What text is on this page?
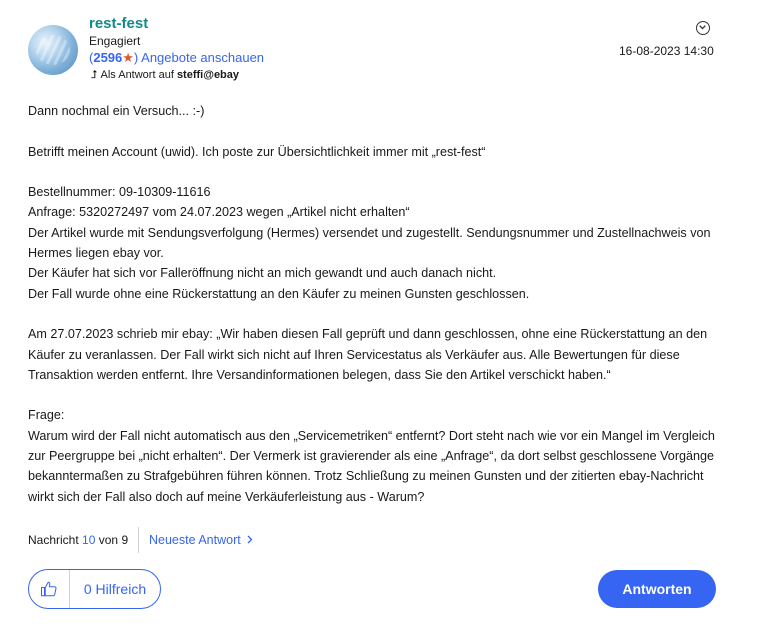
rest-fest
Engagiert
(2596★) Angebote anschauen
⮥ Als Antwort auf steffi@ebay
16-08-2023 14:30

Dann nochmal ein Versuch... :-)

Betrifft meinen Account (uwid). Ich poste zur Übersichtlichkeit immer mit „rest-fest“

Bestellnummer: 09-10309-11616

Anfrage: 5320272497 vom 24.07.2023 wegen „Artikel nicht erhalten“

Der Artikel wurde mit Sendungsverfolgung (Hermes) versendet und zugestellt. Sendungsnummer und Zustellnachweis von

Hermes liegen ebay vor.

Der Käufer hat sich vor Falleröffnung nicht an mich gewandt und auch danach nicht.

Der Fall wurde ohne eine Rückerstattung an den Käufer zu meinen Gunsten geschlossen.

Am 27.07.2023 schrieb mir ebay: „Wir haben diesen Fall geprüft und dann geschlossen, ohne eine Rückerstattung an den

Käufer zu veranlassen. Der Fall wirkt sich nicht auf Ihren Servicestatus als Verkäufer aus. Alle Bewertungen für diese

Transaktion werden entfernt. Ihre Versandinformationen belegen, dass Sie den Artikel verschickt haben.“

Frage:

Warum wird der Fall nicht automatisch aus den „Servicemetriken“ entfernt? Dort steht nach wie vor ein Mangel im Vergleich

zur Peergruppe bei „nicht erhalten“. Der Vermerk ist gravierender als eine „Anfrage“, da dort selbst geschlossene Vorgänge

bekanntermaßen zu Strafgebühren führen können. Trotz Schließung zu meinen Gunsten und der zitierten ebay-Nachricht

wirkt sich der Fall also doch auf meine Verkäuferleistung aus - Warum?

Nachricht 10 von 9 Neueste Antwort
0 Hilfreich	Antworten
